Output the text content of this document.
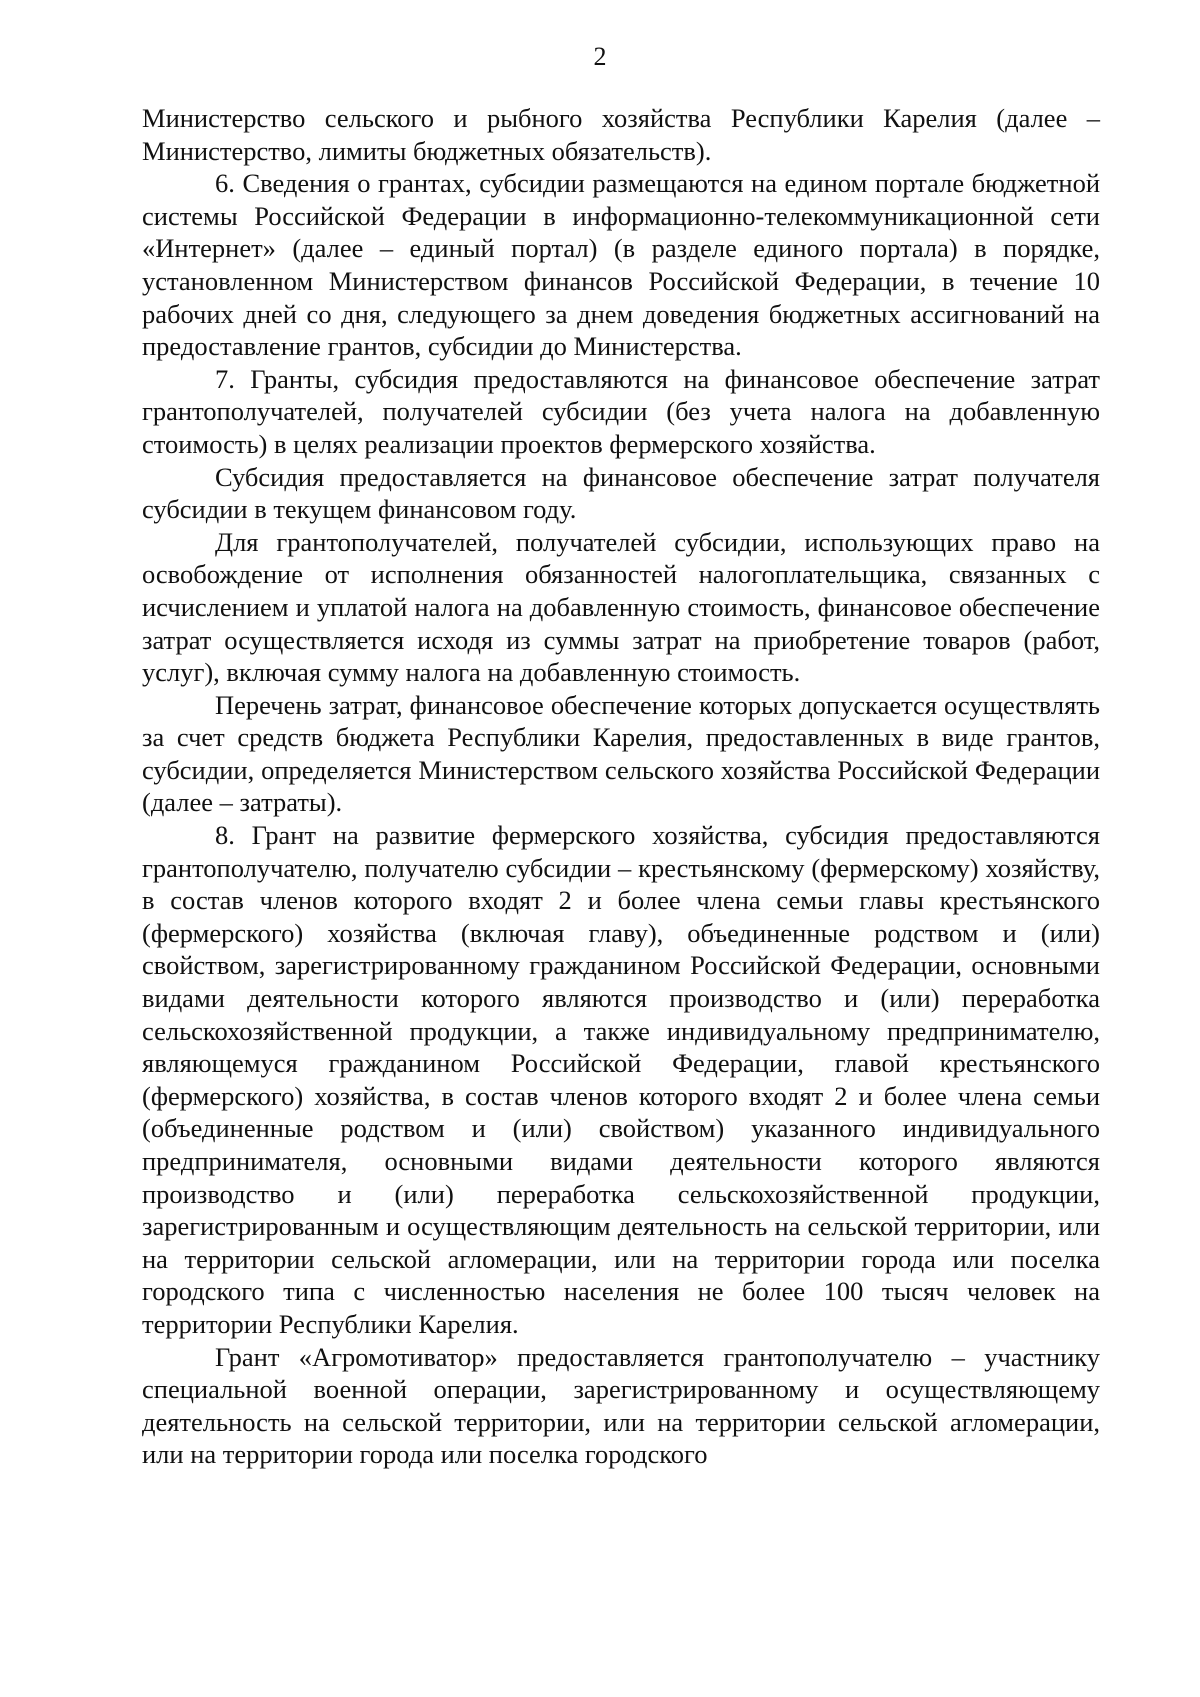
2

Министерство сельского и рыбного хозяйства Республики Карелия (далее – Министерство, лимиты бюджетных обязательств).

6. Сведения о грантах, субсидии размещаются на едином портале бюджетной системы Российской Федерации в информационно-телекоммуникационной сети «Интернет» (далее – единый портал) (в разделе единого портала) в порядке, установленном Министерством финансов Российской Федерации, в течение 10 рабочих дней со дня, следующего за днем доведения бюджетных ассигнований на предоставление грантов, субсидии до Министерства.

7. Гранты, субсидия предоставляются на финансовое обеспечение затрат грантополучателей, получателей субсидии (без учета налога на добавленную стоимость) в целях реализации проектов фермерского хозяйства.

Субсидия предоставляется на финансовое обеспечение затрат получателя субсидии в текущем финансовом году.

Для грантополучателей, получателей субсидии, использующих право на освобождение от исполнения обязанностей налогоплательщика, связанных с исчислением и уплатой налога на добавленную стоимость, финансовое обеспечение затрат осуществляется исходя из суммы затрат на приобретение товаров (работ, услуг), включая сумму налога на добавленную стоимость.

Перечень затрат, финансовое обеспечение которых допускается осуществлять за счет средств бюджета Республики Карелия, предоставленных в виде грантов, субсидии, определяется Министерством сельского хозяйства Российской Федерации (далее – затраты).

8. Грант на развитие фермерского хозяйства, субсидия предоставляются грантополучателю, получателю субсидии – крестьянскому (фермерскому) хозяйству, в состав членов которого входят 2 и более члена семьи главы крестьянского (фермерского) хозяйства (включая главу), объединенные родством и (или) свойством, зарегистрированному гражданином Российской Федерации, основными видами деятельности которого являются производство и (или) переработка сельскохозяйственной продукции, а также индивидуальному предпринимателю, являющемуся гражданином Российской Федерации, главой крестьянского (фермерского) хозяйства, в состав членов которого входят 2 и более члена семьи (объединенные родством и (или) свойством) указанного индивидуального предпринимателя, основными видами деятельности которого являются производство и (или) переработка сельскохозяйственной продукции, зарегистрированным и осуществляющим деятельность на сельской территории, или на территории сельской агломерации, или на территории города или поселка городского типа с численностью населения не более 100 тысяч человек на территории Республики Карелия.

Грант «Агромотиватор» предоставляется грантополучателю – участнику специальной военной операции, зарегистрированному и осуществляющему деятельность на сельской территории, или на территории сельской агломерации, или на территории города или поселка городского
